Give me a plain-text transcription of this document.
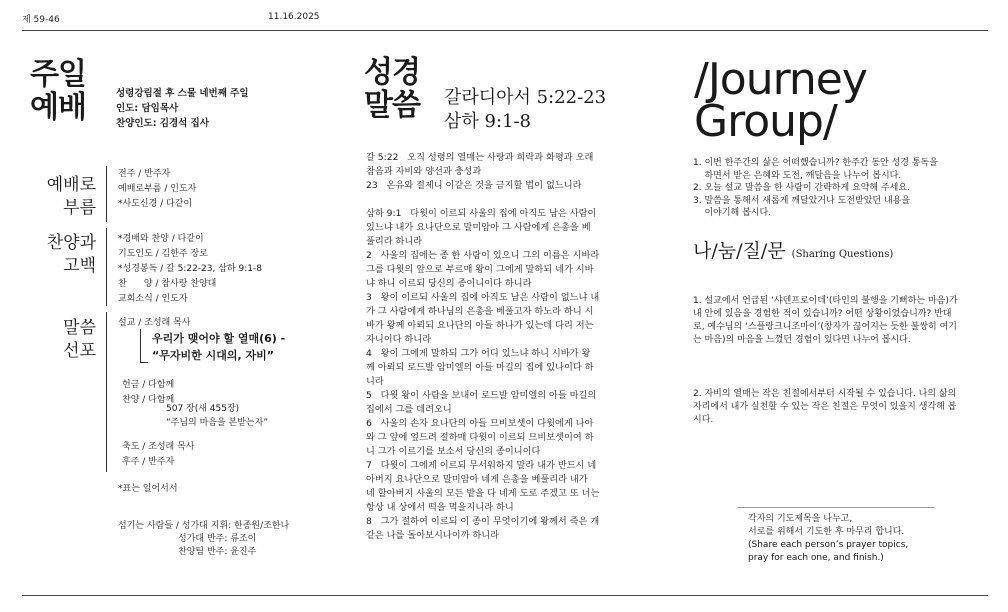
제 59-46	11.16.2025
주일
예배	성령강림절 후 스물 네번째 주일
인도: 담임목사
찬양인도: 김경석 집사
예배로
부름
찬양과
고백
말씀
선포
전주 / 반주자
예배로부름 / 인도자
*사도신경 / 다같이
*경배와 찬양 / 다같이
기도인도 / 김한주 장로
*성경봉독 / 갈 5:22-23, 삼하 9:1-8
찬      양 / 참사랑 찬양대
교회소식 / 인도자
설교 / 조성래 목사
우리가 맺어야 할 열매(6) -
“무자비한 시대의, 자비”
헌금 / 다함께
찬양 / 다함께
507 장(새 455장)
“주님의 마음을 본받는자”
축도 / 조성래 목사
후주 / 반주자
*표는 일어서서
섬기는 사람들 / 성가대 지휘: 한종원/조한나
성가대 반주: 류조이
찬양팀 반주: 윤진주
성경
말씀 갈라디아서 5:22-23
삼하 9:1-8
갈 5:22   오직 성령의 열매는 사랑과 희락과 화평과 오래
참음과 자비와 양선과 충성과
23   온유와 절제니 이같은 것을 금지할 법이 없느니라

삼하 9:1   다윗이 이르되 사울의 집에 아직도 남은 사람이
있느냐 내가 요나단으로 말미암아 그 사람에게 은총을 베
풀리라 하니라
2   사울의 집에는 종 한 사람이 있으니 그의 이름은 시바라
그를 다윗의 앞으로 부르매 왕이 그에게 말하되 네가 시바
냐 하니 이르되 당신의 종이니이다 하니라
3   왕이 이르되 사울의 집에 아직도 남은 사람이 없느냐 내
가 그 사람에게 하나님의 은총을 베풀고자 하노라 하니 시
바가 왕께 아뢰되 요나단의 아들 하나가 있는데 다리 저는
자니이다 하니라
4   왕이 그에게 말하되 그가 어디 있느냐 하니 시바가 왕
께 아뢰되 로드발 암미엘의 아들 마길의 집에 있나이다 하
니라
5   다윗 왕이 사람을 보내어 로드발 암미엘의 아들 마길의
집에서 그를 데려오니
6   사울의 손자 요나단의 아들 므비보셋이 다윗에게 나아
와 그 앞에 엎드려 절하매 다윗이 이르되 므비보셋이여 하
니 그가 이르기를 보소서 당신의 종이니이다
7   다윗이 그에게 이르되 무서워하지 말라 내가 반드시 네
아버지 요나단으로 말미암아 네게 은총을 베풀리라 내가
네 할아버지 사울의 모든 밭을 다 네게 도로 주겠고 또 너는
항상 내 상에서 떡을 먹을지니라 하니
8   그가 절하여 이르되 이 종이 무엇이기에 왕께서 죽은 개
같은 나를 돌아보시나이까 하니라
/Journey
Group/
1. 이번 한주간의 삶은 어떠했습니까? 한주간 동안 성경 통독을
하면서 받은 은혜와 도전, 깨달음을 나누어 봅시다.
2. 오늘 설교 말씀을 한 사람이 간략하게 요약해 주세요.
3. 말씀을 통해서 새롭게 깨달았거나 도전받았던 내용을
이야기해 봅시다.
나/눔/질/문 (Sharing Questions)
1. 설교에서 언급된 ‘샤덴프로이데’(타인의 불행을 기뻐하는 마음)가 내 안에 있음을 경험한 적이 있습니까? 어떤 상황이었습니까? 반대로, 예수님의 ‘스플랑크니조마이’(창자가 끊어지는 듯한 불쌍히 여기는 마음)의 마음을 느꼈던 경험이 있다면 나누어 봅시다.
2. 자비의 열매는 작은 친절에서부터 시작될 수 있습니다. 나의 삶의 자리에서 내가 실천할 수 있는 작은 친절은 무엇이 있을지 생각해 봅시다.
각자의 기도제목을 나누고,
서로를 위해서 기도한 후 마무리 합니다.
(Share each person’s prayer topics,
pray for each one, and finish.)
